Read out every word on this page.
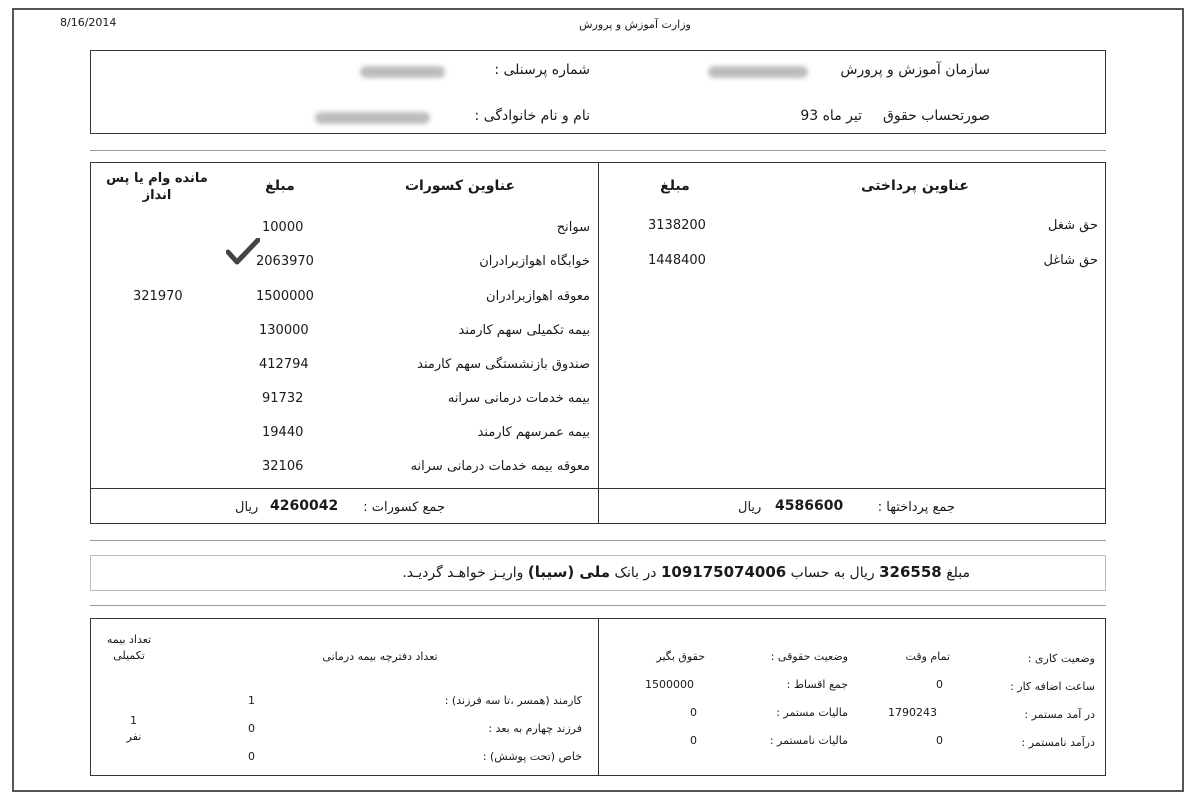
8/16/2014	وزارت آموزش و پرورش
سازمان آموزش و پرورش
شماره پرسنلی :
صورتحساب حقوق
تیر ماه 93
نام و نام خانوادگی :
عناوین پرداختی
مبلغ
حق شغل
3138200
حق شاغل
1448400
جمع پرداختها :
4586600
ریال
عناوین کسورات
مبلغ
مانده وام یا پس انداز
سوانح
10000
خوابگاه اهوازبرادران
2063970
معوقه اهوازبرادران
1500000
321970
بیمه تکمیلی سهم کارمند
130000
صندوق بازنشستگی سهم کارمند
412794
بیمه خدمات درمانی سرانه
91732
بیمه عمرسهم کارمند
19440
معوقه بیمه خدمات درمانی سرانه
32106
جمع کسورات :
4260042
ریال
مبلغ 326558 ریال به حساب 109175074006 در بانک ملی (سیبا) واریـز خواهـد گردیـد.
وضعیت کاری :
تمام وقت
وضعیت حقوقی :
حقوق بگیر
ساعت اضافه کار :
0
جمع اقساط :
1500000
در آمد مستمر :
1790243
مالیات مستمر :
0
درآمد نامستمر :
0
مالیات نامستمر :
0
تعداد دفترچه بیمه درمانی
تعداد بیمه تکمیلی
کارمند (همسر ،تا سه فرزند) :
1
فرزند چهارم به بعد :
0
خاص (تحت پوشش) :
0
1
نفر
